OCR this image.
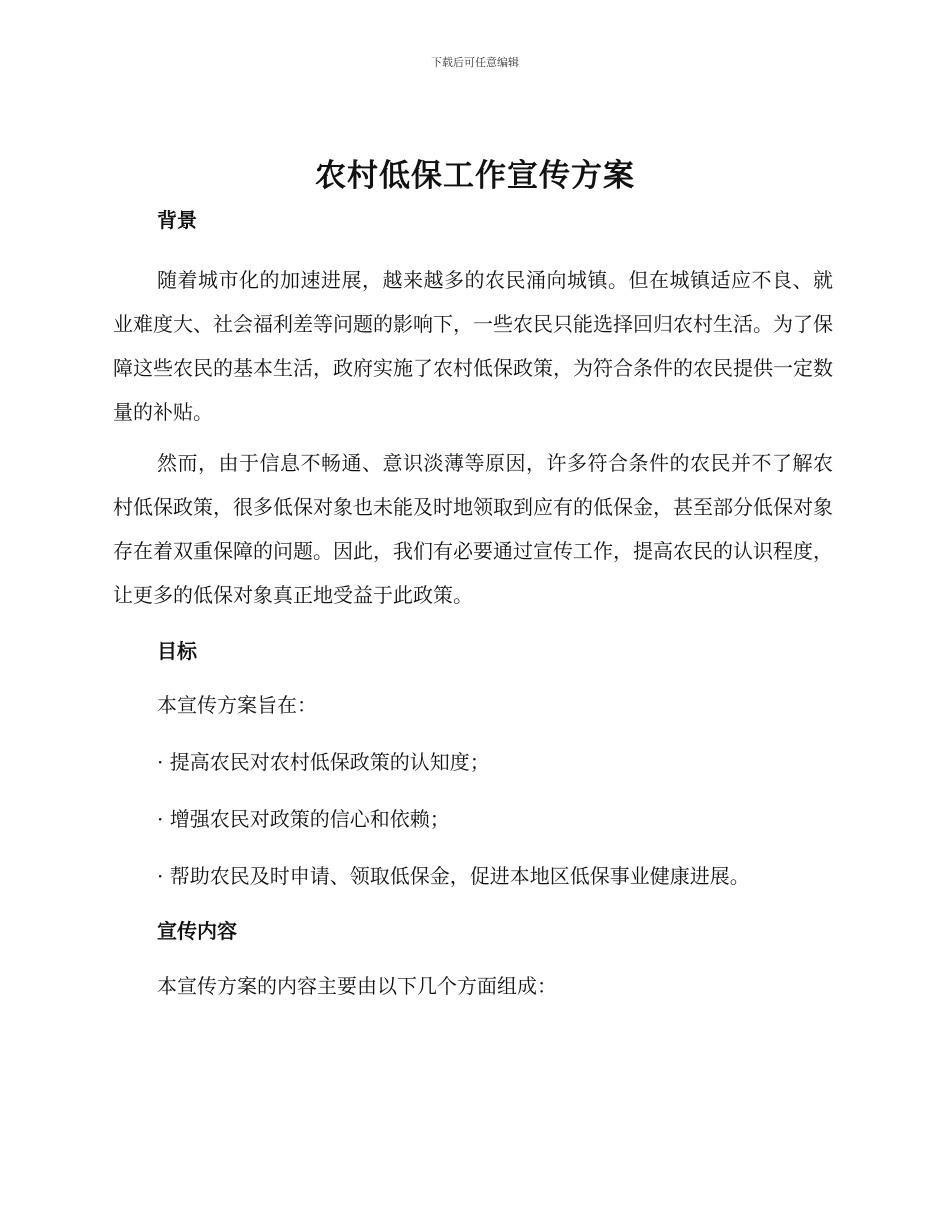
下载后可任意编辑
农村低保工作宣传方案
背景

随着城市化的加速进展，越来越多的农民涌向城镇。但在城镇适应不良、就业难度大、社会福利差等问题的影响下，一些农民只能选择回归农村生活。为了保障这些农民的基本生活，政府实施了农村低保政策，为符合条件的农民提供一定数量的补贴。

然而，由于信息不畅通、意识淡薄等原因，许多符合条件的农民并不了解农村低保政策，很多低保对象也未能及时地领取到应有的低保金，甚至部分低保对象存在着双重保障的问题。因此，我们有必要通过宣传工作，提高农民的认识程度，让更多的低保对象真正地受益于此政策。

目标

本宣传方案旨在：

· 提高农民对农村低保政策的认知度；

· 增强农民对政策的信心和依赖；

· 帮助农民及时申请、领取低保金，促进本地区低保事业健康进展。

宣传内容

本宣传方案的内容主要由以下几个方面组成：
